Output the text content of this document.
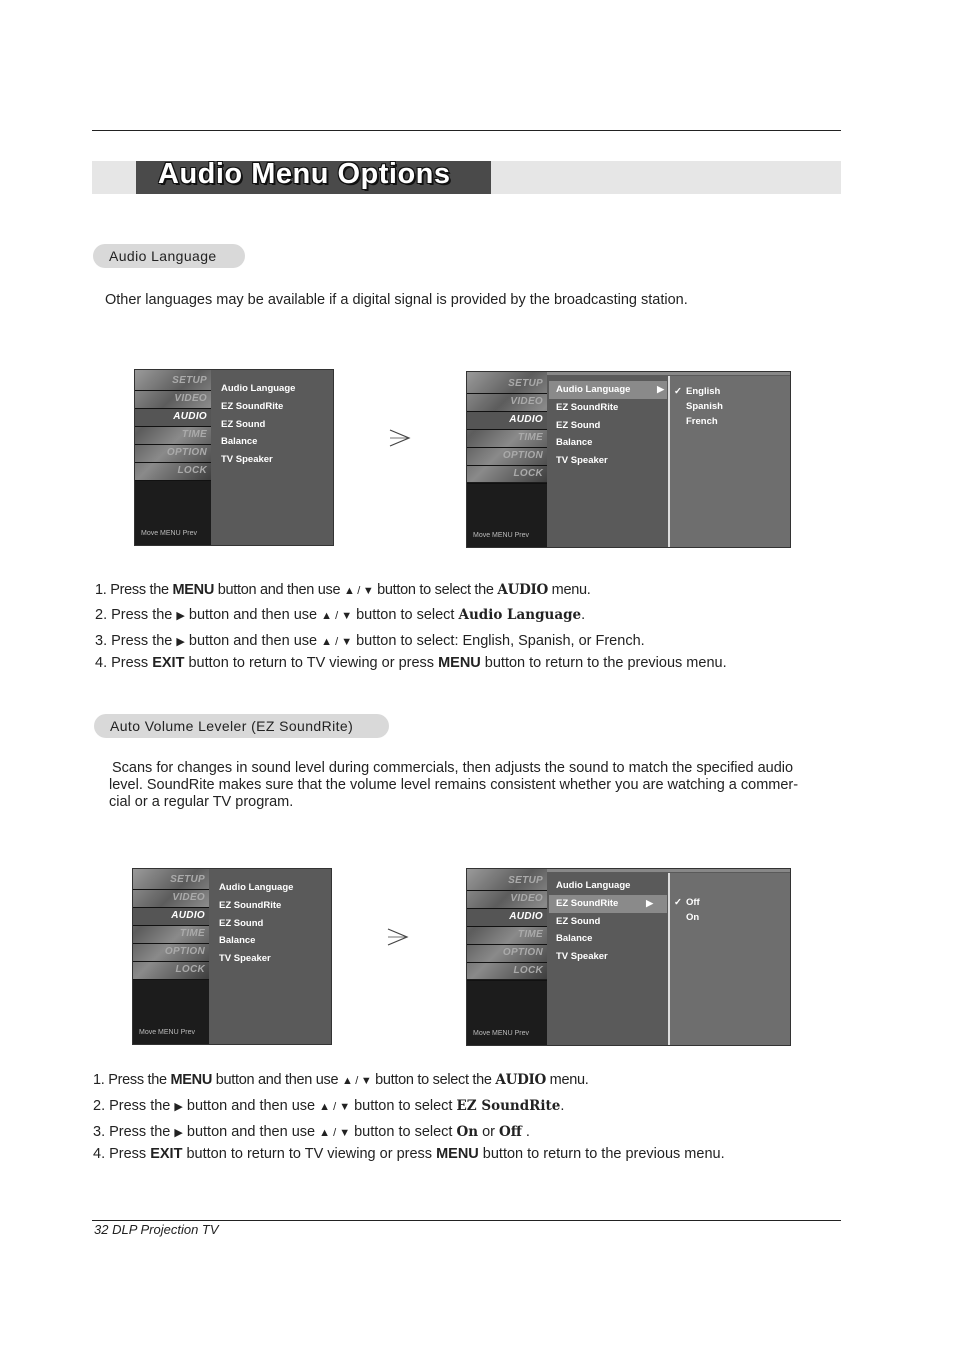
Audio Menu Options
Audio Language
Other languages may be available if a digital signal is provided by the broadcasting station.
SETUP
VIDEO
AUDIO
TIME
OPTION
LOCK
Move MENU Prev
Audio Language
EZ SoundRite
EZ Sound
Balance
TV Speaker
SETUP
VIDEO
AUDIO
TIME
OPTION
LOCK
Move MENU Prev
Audio Language	▶
EZ SoundRite
EZ Sound
Balance
TV Speaker
✓ English
Spanish
French
1. Press the MENU button and then use ▲ / ▼ button to select the AUDIO menu.
2. Press the ▶ button and then use ▲ / ▼ button to select Audio Language.
3. Press the ▶ button and then use ▲ / ▼ button to select: English, Spanish, or French.
4. Press EXIT button to return to TV viewing or press MENU button to return to the previous menu.
Auto Volume Leveler (EZ SoundRite)
Scans for changes in sound level during commercials, then adjusts the sound to match the specified audio level. SoundRite makes sure that the volume level remains consistent whether you are watching a commer-cial or a regular TV program.
SETUP
VIDEO
AUDIO
TIME
OPTION
LOCK
Move MENU Prev
Audio Language
EZ SoundRite
EZ Sound
Balance
TV Speaker
SETUP
VIDEO
AUDIO
TIME
OPTION
LOCK
Move MENU Prev
Audio Language
EZ SoundRite	▶
EZ Sound
Balance
TV Speaker
✓ Off
On
1. Press the MENU button and then use ▲ / ▼ button to select the AUDIO menu.
2. Press the ▶ button and then use ▲ / ▼ button to select EZ SoundRite.
3. Press the ▶ button and then use ▲ / ▼ button to select On or Off .
4. Press EXIT button to return to TV viewing or press MENU button to return to the previous menu.
32 DLP Projection TV
